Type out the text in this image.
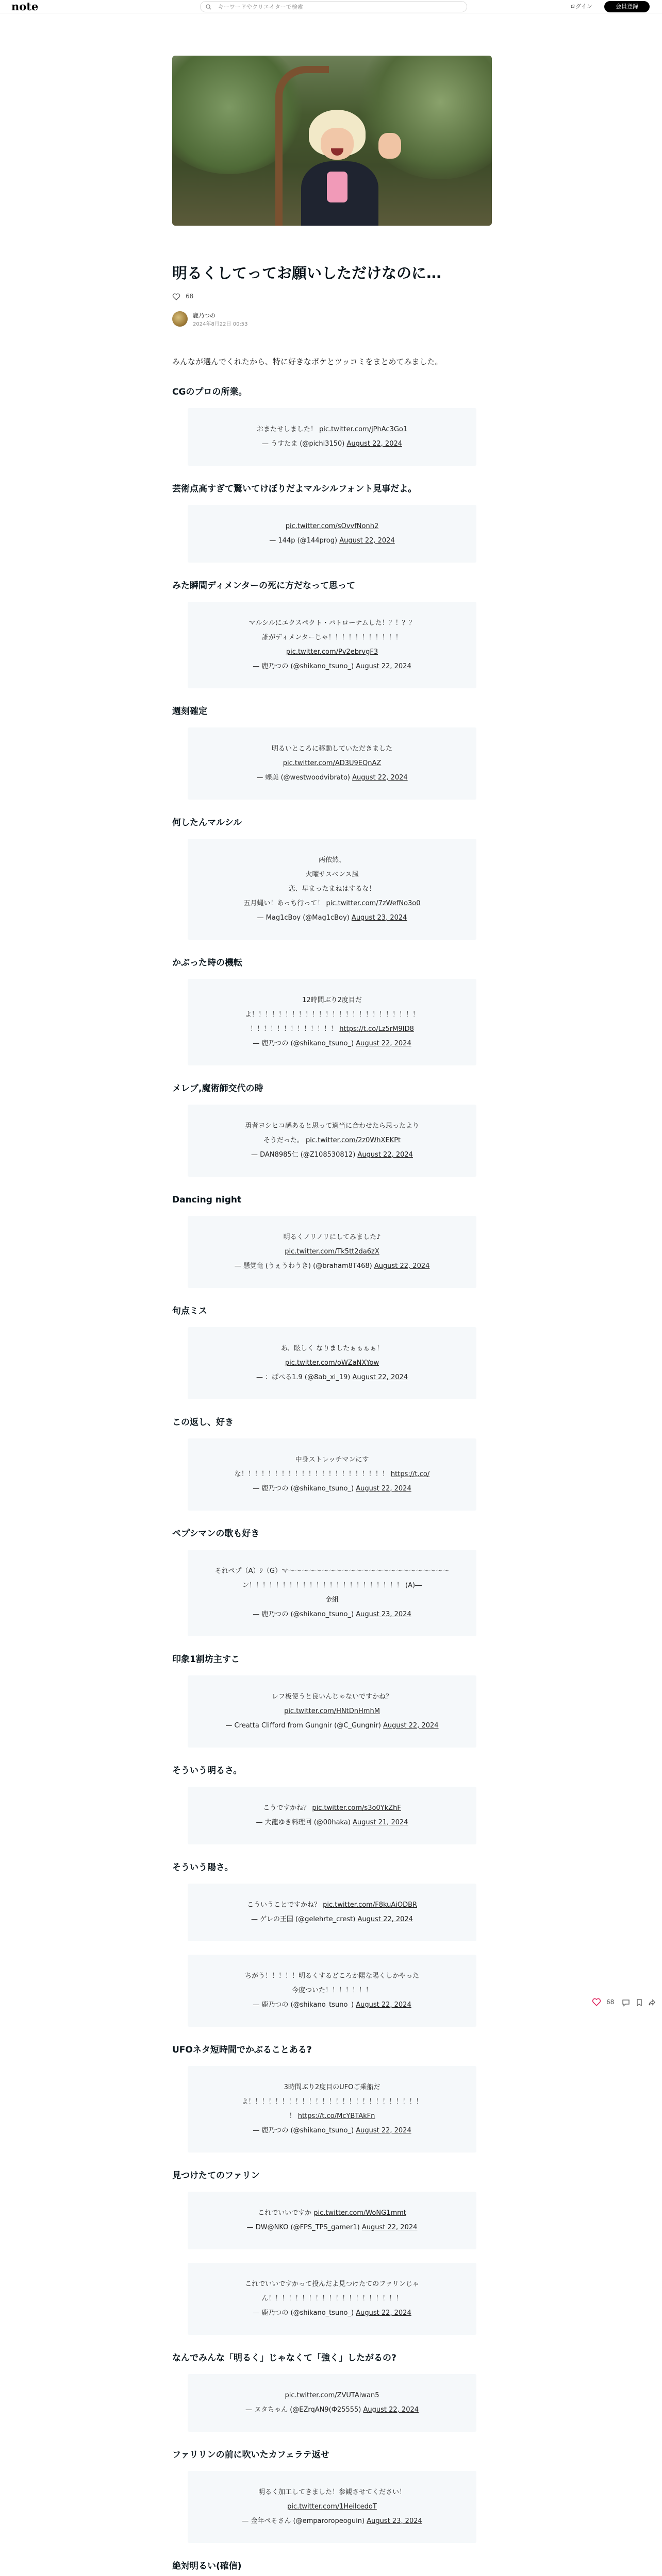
note
キーワードやクリエイターで検索	ログイン	会員登録
明るくしてってお願いしただけなのに…
68
鹿乃つの
2024年8月22日 00:53

みんなが選んでくれたから、特に好きなポケとツッコミをまとめてみました。

CGのプロの所業。
おまたせしました！ pic.twitter.com/jPhAc3Go1
— うすたま (@pichi3150) August 22, 2024
芸術点高すぎて驚いてけぼりだよマルシルフォント見事だよ。
pic.twitter.com/sOvvfNonh2
— 144p (@144prog) August 22, 2024
みた瞬間ディメンターの死に方だなって思って
マルシルにエクスペクト・パトローナムした！？！？？
誰がディメンターじゃ！！！！！！！！！！！
pic.twitter.com/Pv2ebrvgF3
— 鹿乃つの (@shikano_tsuno_) August 22, 2024
週刻確定
明るいところに移動していただきました
pic.twitter.com/AD3U9EQnAZ
— 蝶美 (@westwoodvibrato) August 22, 2024
何したんマルシル
两依然、
火曜サスペンス風
恋、早まったまねはするな！
五月蝿い！あっち行って！ pic.twitter.com/7zWefNo3o0
— Mag1cBoy (@Mag1cBoy) August 23, 2024
かぶった時の機転
12時間ぶり2度目だ
よ！！！！！！！！！！！！！！！！！！！！！！！！！
！！！！！！！！！！！！！ https://t.co/Lz5rM9ID8
— 鹿乃つの (@shikano_tsuno_) August 22, 2024
メレブ,魔術師交代の時
勇者ヨシヒコ感あると思って適当に合わせたら思ったより
そうだった。 pic.twitter.com/2z0WhXEKPt
— DAN8985仁 (@Z108530812) August 22, 2024
Dancing night
明るくノリノリにしてみました♪
pic.twitter.com/Tk5tt2da6zX
— 懸覚竜 (うぇうわうき) (@braham8T468) August 22, 2024
句点ミス
あ、眩しく なりましたぁぁぁぁ！
pic.twitter.com/oWZaNXYow
— ：ぱぺる1.9 (@8ab_xi_19) August 22, 2024
この返し、好き
中身ストレッチマンにす
な！！！！！！！！！！！！！！！！！！！！！！ https://t.co/
— 鹿乃つの (@shikano_tsuno_) August 22, 2024
ペプシマンの歌も好き
それペプ（A）ｼ（G）マ〜〜〜〜〜〜〜〜〜〜〜〜〜〜〜〜〜〜〜〜〜〜〜〜
ン！！！！！！！！！！！！！！！！！！！！！！！ (A)―
金組
— 鹿乃つの (@shikano_tsuno_) August 23, 2024
印象1割坊主すこ
レフ板使うと良いんじゃないですかね？
pic.twitter.com/HNtDnHmhM
— Creatta Clifford from Gungnir (@C_Gungnir) August 22, 2024
そういう明るさ。
こうですかね？ pic.twitter.com/s3o0YkZhF
— 大龍ゆき料理回 (@00haka) August 21, 2024
そういう陽さ。
こういうことですかね？ pic.twitter.com/F8kuAiODBR
— ゲレの王国 (@gelehrte_crest) August 22, 2024
ちがう！！！！！明るくするどころか陽な陽くしかやった
今度ついた！！！！！！！
— 鹿乃つの (@shikano_tsuno_) August 22, 2024
UFOネタ短時間でかぶることある?
3時間ぶり2度目のUFOご乗船だ
よ！！！！！！！！！！！！！！！！！！！！！！！！！！
！ https://t.co/McYBTAkFn
— 鹿乃つの (@shikano_tsuno_) August 22, 2024
見つけたてのファリン
これでいいですか pic.twitter.com/WoNG1mmt
— DW@NKO (@FPS_TPS_gamer1) August 22, 2024
これでいいですかって投んだよ見つけたてのファリンじゃ
ん！！！！！！！！！！！！！！！！！！！！
— 鹿乃つの (@shikano_tsuno_) August 22, 2024
なんでみんな「明るく」じゃなくて「強く」したがるの?
pic.twitter.com/ZVUTAiwan5
— ヌタちゃん (@EZrqAN9(Ф25555) August 22, 2024
ファリリンの前に吹いたカフェラテ返せ
明るく加工してきました！参観させてください！
pic.twitter.com/1HeilcedoT
— 金年ぺそさん (@emparoropeoguin) August 23, 2024
絶対明るい(確信)
68
